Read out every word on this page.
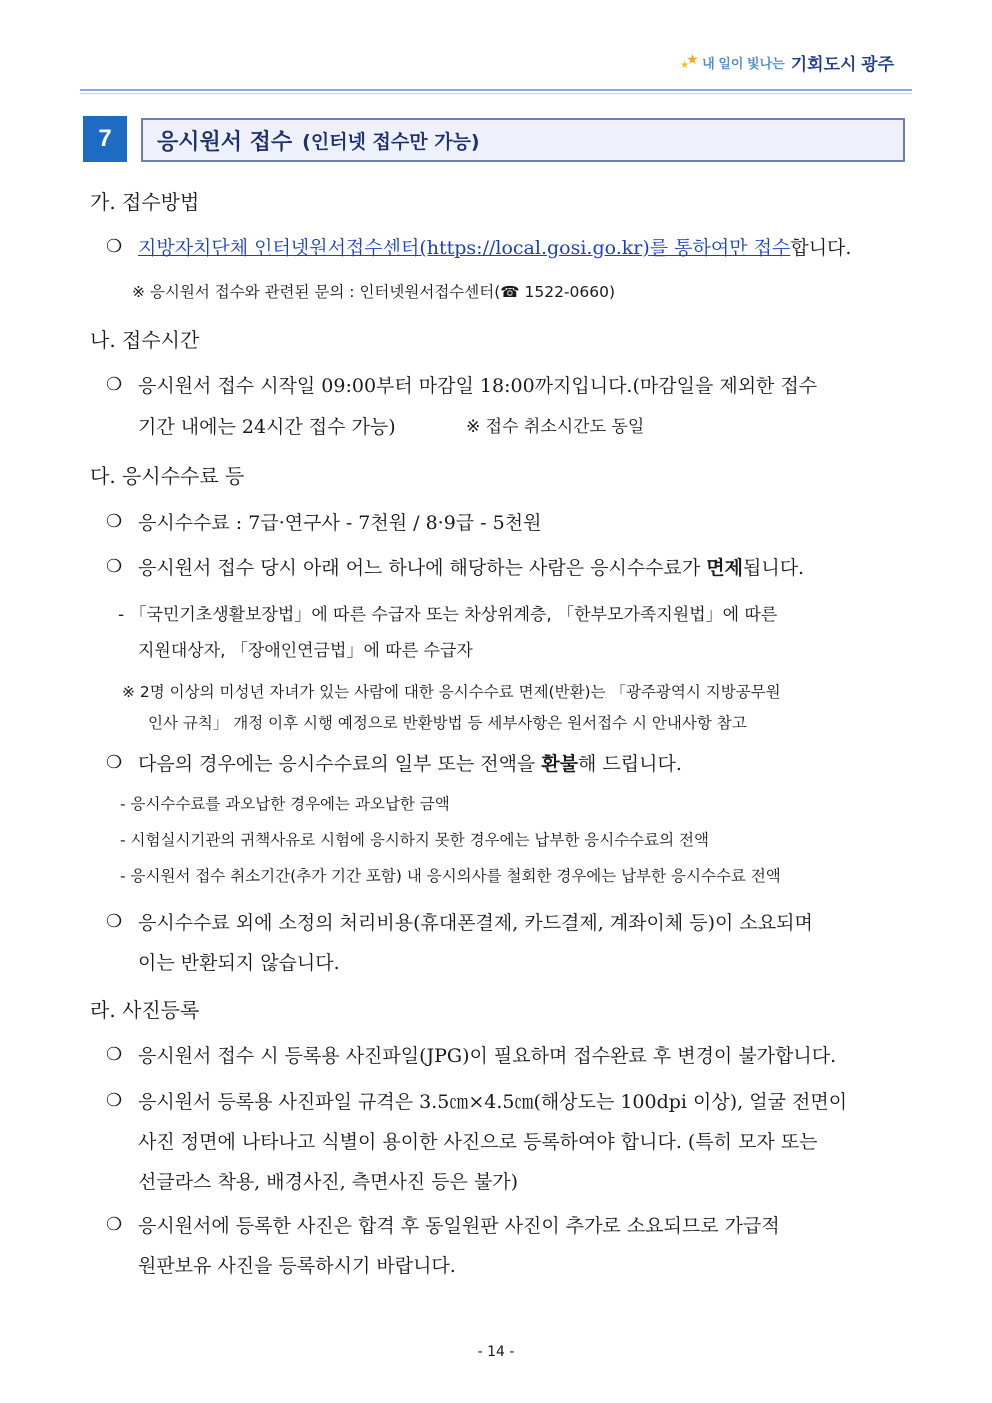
★
★ 내 일이 빛나는 기회도시 광주
7	응시원서 접수 (인터넷 접수만 가능)
가. 접수방법
❍ 지방자치단체 인터넷원서접수센터(https://local.gosi.go.kr)를 통하여만 접수합니다.
※ 응시원서 접수와 관련된 문의 : 인터넷원서접수센터(☎ 1522-0660)
나. 접수시간
❍ 응시원서 접수 시작일 09:00부터 마감일 18:00까지입니다.(마감일을 제외한 접수
기간 내에는 24시간 접수 가능)	※ 접수 취소시간도 동일
다. 응시수수료 등
❍ 응시수수료 : 7급·연구사 - 7천원 / 8·9급 - 5천원
❍ 응시원서 접수 당시 아래 어느 하나에 해당하는 사람은 응시수수료가 면제됩니다.
- 「국민기초생활보장법」에 따른 수급자 또는 차상위계층, 「한부모가족지원법」에 따른
지원대상자, 「장애인연금법」에 따른 수급자
※ 2명 이상의 미성년 자녀가 있는 사람에 대한 응시수수료 면제(반환)는 「광주광역시 지방공무원
인사 규칙」 개정 이후 시행 예정으로 반환방법 등 세부사항은 원서접수 시 안내사항 참고
❍ 다음의 경우에는 응시수수료의 일부 또는 전액을 환불해 드립니다.
- 응시수수료를 과오납한 경우에는 과오납한 금액
- 시험실시기관의 귀책사유로 시험에 응시하지 못한 경우에는 납부한 응시수수료의 전액
- 응시원서 접수 취소기간(추가 기간 포함) 내 응시의사를 철회한 경우에는 납부한 응시수수료 전액
❍ 응시수수료 외에 소정의 처리비용(휴대폰결제, 카드결제, 계좌이체 등)이 소요되며
이는 반환되지 않습니다.
라. 사진등록
❍ 응시원서 접수 시 등록용 사진파일(JPG)이 필요하며 접수완료 후 변경이 불가합니다.
❍ 응시원서 등록용 사진파일 규격은 3.5㎝×4.5㎝(해상도는 100dpi 이상), 얼굴 전면이
사진 정면에 나타나고 식별이 용이한 사진으로 등록하여야 합니다. (특히 모자 또는
선글라스 착용, 배경사진, 측면사진 등은 불가)
❍ 응시원서에 등록한 사진은 합격 후 동일원판 사진이 추가로 소요되므로 가급적
원판보유 사진을 등록하시기 바랍니다.
- 14 -
